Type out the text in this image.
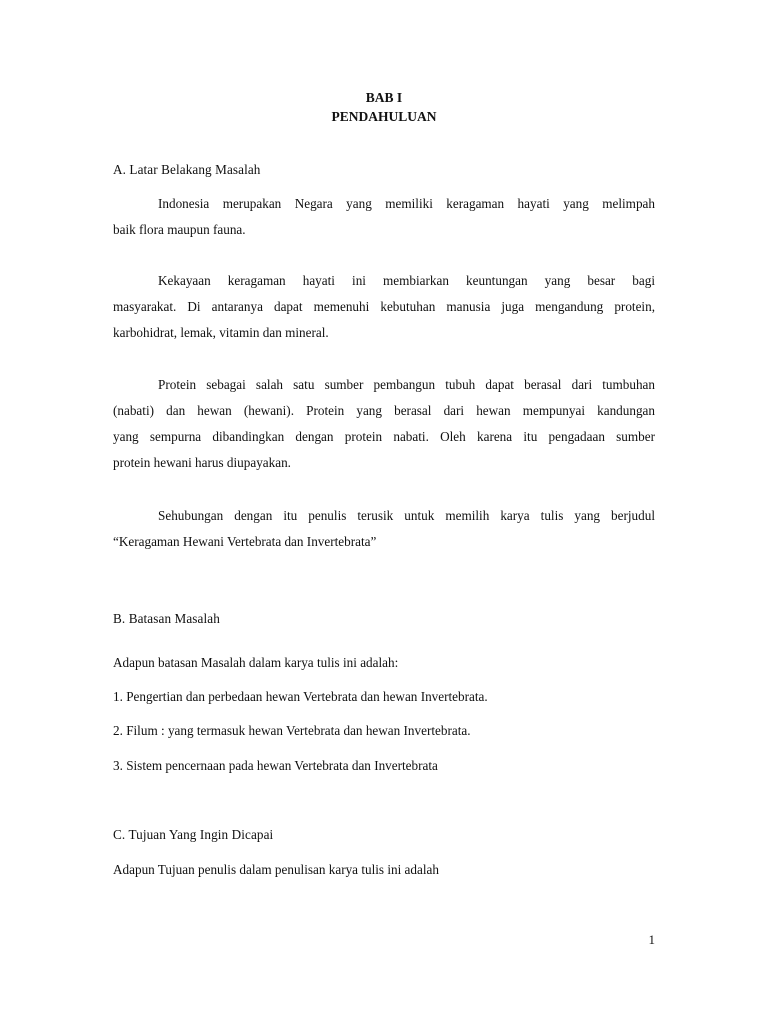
BAB I
PENDAHULUAN
A. Latar Belakang Masalah
Indonesia merupakan Negara yang memiliki keragaman hayati yang melimpah
baik flora maupun fauna.
Kekayaan keragaman hayati ini membiarkan keuntungan yang besar bagi
masyarakat. Di antaranya dapat memenuhi kebutuhan manusia juga mengandung protein,
karbohidrat, lemak, vitamin dan mineral.
Protein sebagai salah satu sumber pembangun tubuh dapat berasal dari tumbuhan
(nabati) dan hewan (hewani). Protein yang berasal dari hewan mempunyai kandungan
yang sempurna dibandingkan dengan protein nabati. Oleh karena itu pengadaan sumber
protein hewani harus diupayakan.
Sehubungan dengan itu penulis terusik untuk memilih karya tulis yang berjudul
“Keragaman Hewani Vertebrata dan Invertebrata”
B. Batasan Masalah
Adapun batasan Masalah dalam karya tulis ini adalah:
1. Pengertian dan perbedaan hewan Vertebrata dan hewan Invertebrata.
2. Filum : yang termasuk hewan Vertebrata dan hewan Invertebrata.
3. Sistem pencernaan pada hewan Vertebrata dan Invertebrata
C. Tujuan Yang Ingin Dicapai
Adapun Tujuan penulis dalam penulisan karya tulis ini adalah
1
